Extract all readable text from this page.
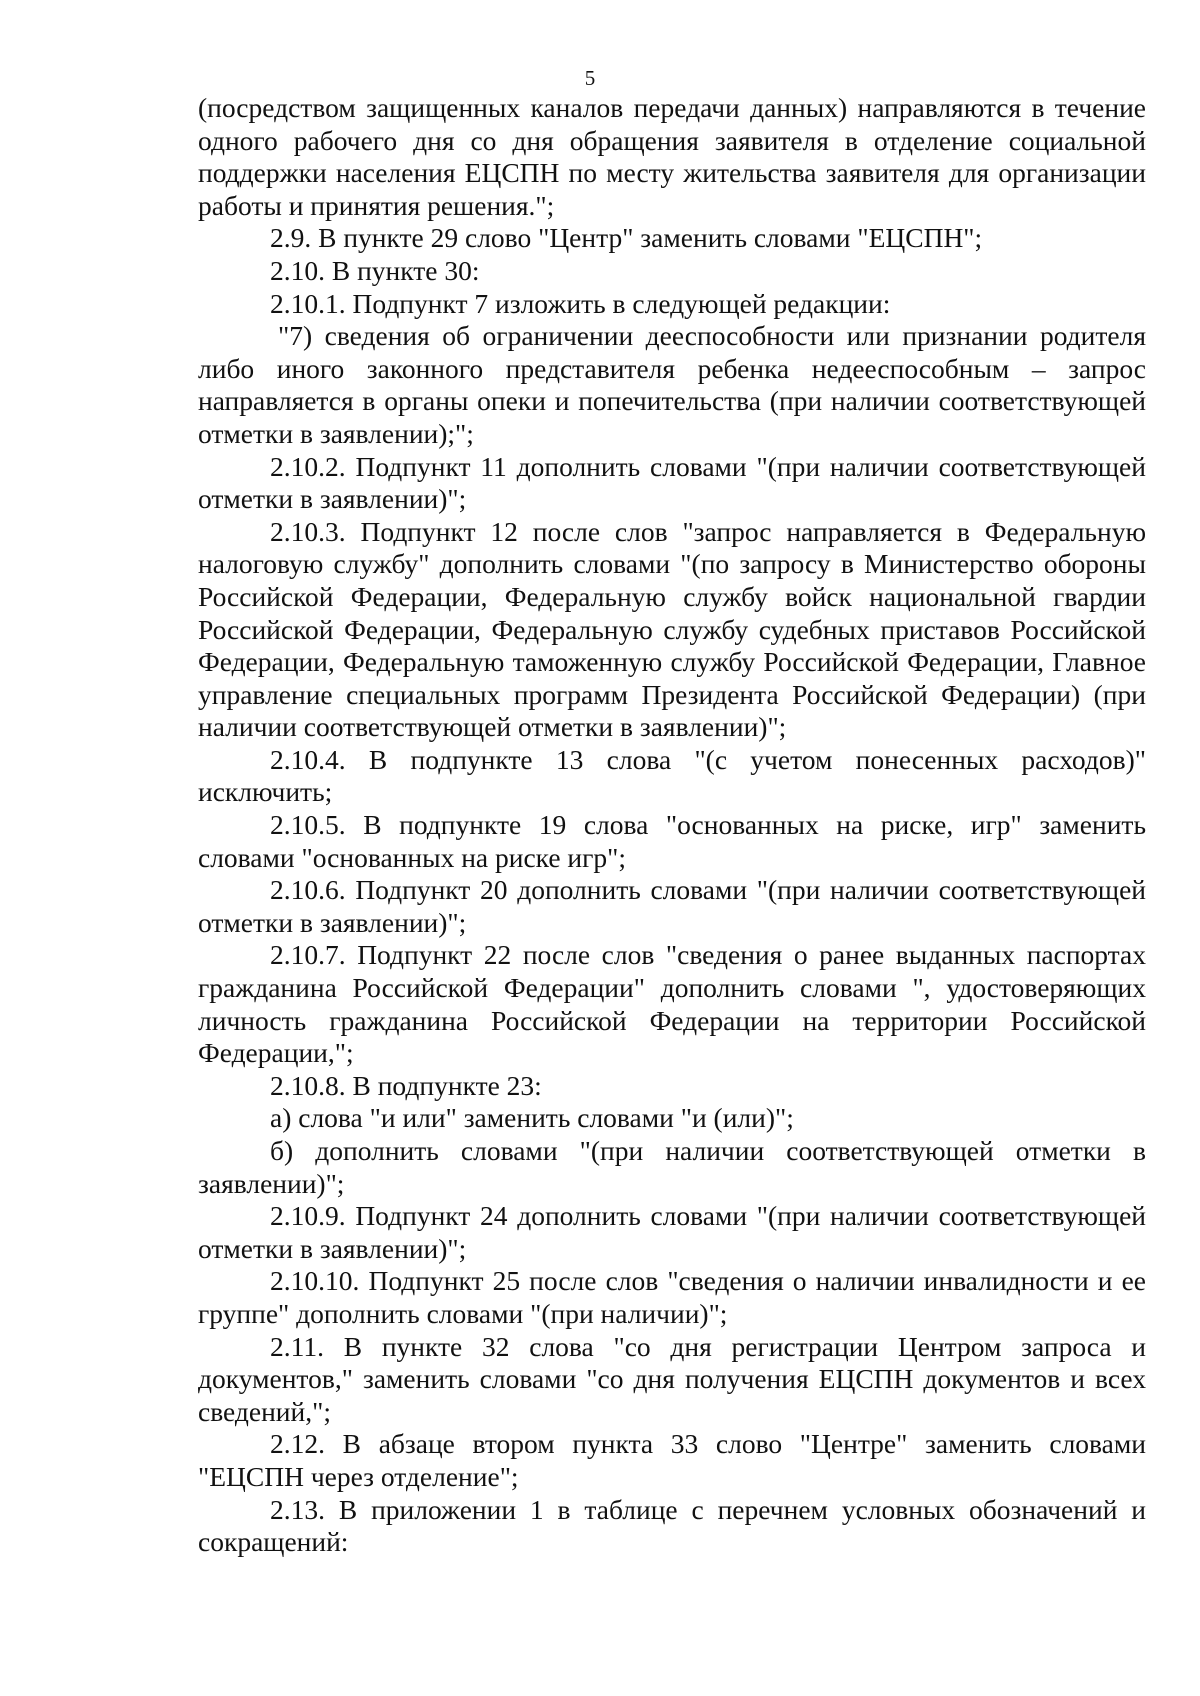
5

(посредством защищенных каналов передачи данных) направляются в течение одного рабочего дня со дня обращения заявителя в отделение социальной поддержки населения ЕЦСПН по месту жительства заявителя для организации работы и принятия решения.";

2.9. В пункте 29 слово "Центр" заменить словами "ЕЦСПН";

2.10. В пункте 30:

2.10.1. Подпункт 7 изложить в следующей редакции:

"7) сведения об ограничении дееспособности или признании родителя либо иного законного представителя ребенка недееспособным – запрос направляется в органы опеки и попечительства (при наличии соответствующей отметки в заявлении);";

2.10.2. Подпункт 11 дополнить словами "(при наличии соответствующей отметки в заявлении)";

2.10.3. Подпункт 12 после слов "запрос направляется в Федеральную налоговую службу" дополнить словами "(по запросу в Министерство обороны Российской Федерации, Федеральную службу войск национальной гвардии Российской Федерации, Федеральную службу судебных приставов Российской Федерации, Федеральную таможенную службу Российской Федерации, Главное управление специальных программ Президента Российской Федерации) (при наличии соответствующей отметки в заявлении)";

2.10.4. В подпункте 13 слова "(с учетом понесенных расходов)" исключить;

2.10.5. В подпункте 19 слова "основанных на риске, игр" заменить словами "основанных на риске игр";

2.10.6. Подпункт 20 дополнить словами "(при наличии соответствующей отметки в заявлении)";

2.10.7. Подпункт 22 после слов "сведения о ранее выданных паспортах гражданина Российской Федерации" дополнить словами ", удостоверяющих личность гражданина Российской Федерации на территории Российской Федерации,";

2.10.8. В подпункте 23:

а) слова "и или" заменить словами "и (или)";

б) дополнить словами "(при наличии соответствующей отметки в заявлении)";

2.10.9. Подпункт 24 дополнить словами "(при наличии соответствующей отметки в заявлении)";

2.10.10. Подпункт 25 после слов "сведения о наличии инвалидности и ее группе" дополнить словами "(при наличии)";

2.11. В пункте 32 слова "со дня регистрации Центром запроса и документов," заменить словами "со дня получения ЕЦСПН документов и всех сведений,";

2.12. В абзаце втором пункта 33 слово "Центре" заменить словами "ЕЦСПН через отделение";

2.13. В приложении 1 в таблице с перечнем условных обозначений и сокращений:
